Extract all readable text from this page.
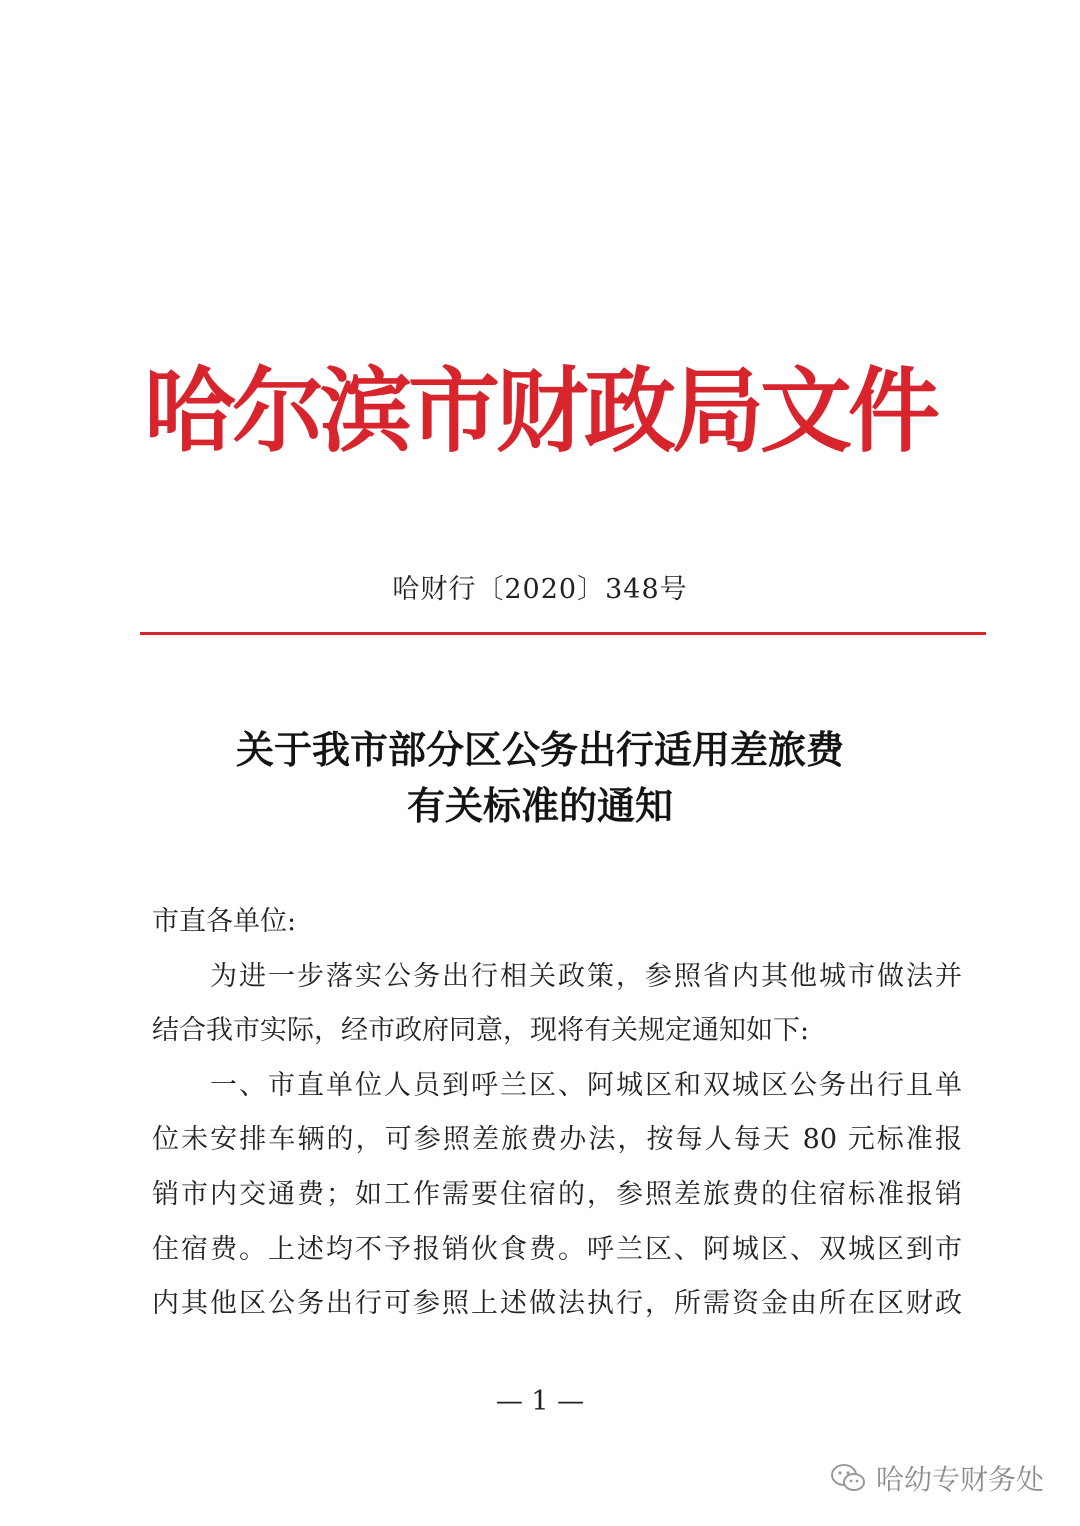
哈尔滨市财政局文件
哈财行〔2020〕348号
关于我市部分区公务出行适用差旅费
有关标准的通知
市直各单位:
　　为进一步落实公务出行相关政策，参照省内其他城市做法并
结合我市实际，经市政府同意，现将有关规定通知如下:
　　一、市直单位人员到呼兰区、阿城区和双城区公务出行且单
位未安排车辆的，可参照差旅费办法，按每人每天 80 元标准报
销市内交通费；如工作需要住宿的，参照差旅费的住宿标准报销
住宿费。上述均不予报销伙食费。呼兰区、阿城区、双城区到市
内其他区公务出行可参照上述做法执行，所需资金由所在区财政
— 1 —
哈幼专财务处
